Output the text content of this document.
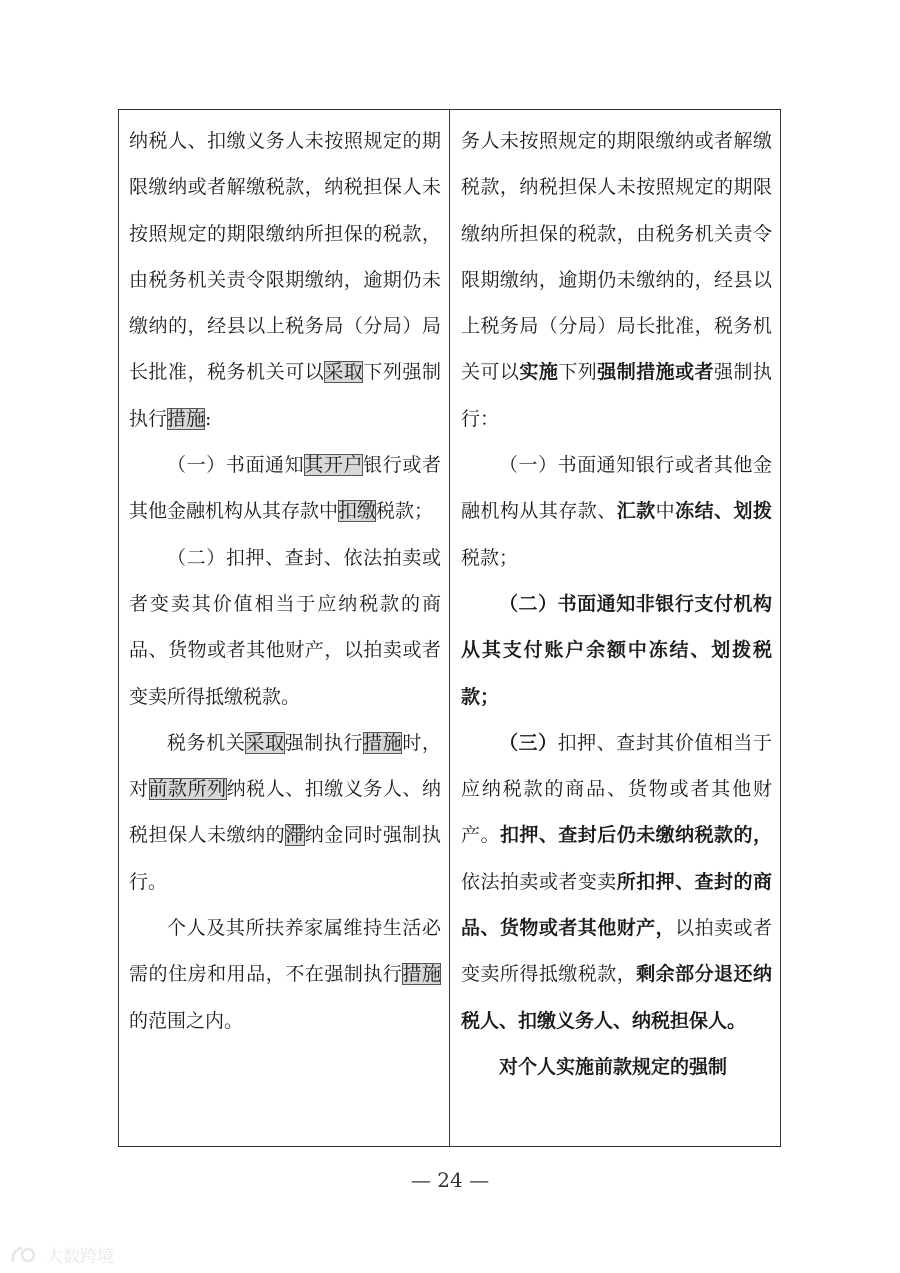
纳税人、扣缴义务人未按照规定的期限缴纳或者解缴税款，纳税担保人未按照规定的期限缴纳所担保的税款，由税务机关责令限期缴纳，逾期仍未缴纳的，经县以上税务局（分局）局长批准，税务机关可以采取下列强制执行措施:

（一）书面通知其开户银行或者其他金融机构从其存款中扣缴税款；

（二）扣押、查封、依法拍卖或者变卖其价值相当于应纳税款的商品、货物或者其他财产，以拍卖或者变卖所得抵缴税款。

税务机关采取强制执行措施时，对前款所列纳税人、扣缴义务人、纳税担保人未缴纳的滞纳金同时强制执行。

个人及其所扶养家属维持生活必需的住房和用品，不在强制执行措施的范围之内。

务人未按照规定的期限缴纳或者解缴税款，纳税担保人未按照规定的期限缴纳所担保的税款，由税务机关责令限期缴纳，逾期仍未缴纳的，经县以上税务局（分局）局长批准，税务机关可以实施下列强制措施或者强制执行：

（一）书面通知银行或者其他金融机构从其存款、汇款中冻结、划拨税款；

（二）书面通知非银行支付机构从其支付账户余额中冻结、划拨税款；

（三）扣押、查封其价值相当于应纳税款的商品、货物或者其他财产。扣押、查封后仍未缴纳税款的，依法拍卖或者变卖所扣押、查封的商品、货物或者其他财产，以拍卖或者变卖所得抵缴税款，剩余部分退还纳税人、扣缴义务人、纳税担保人。

对个人实施前款规定的强制

— 24 —
大数跨境
